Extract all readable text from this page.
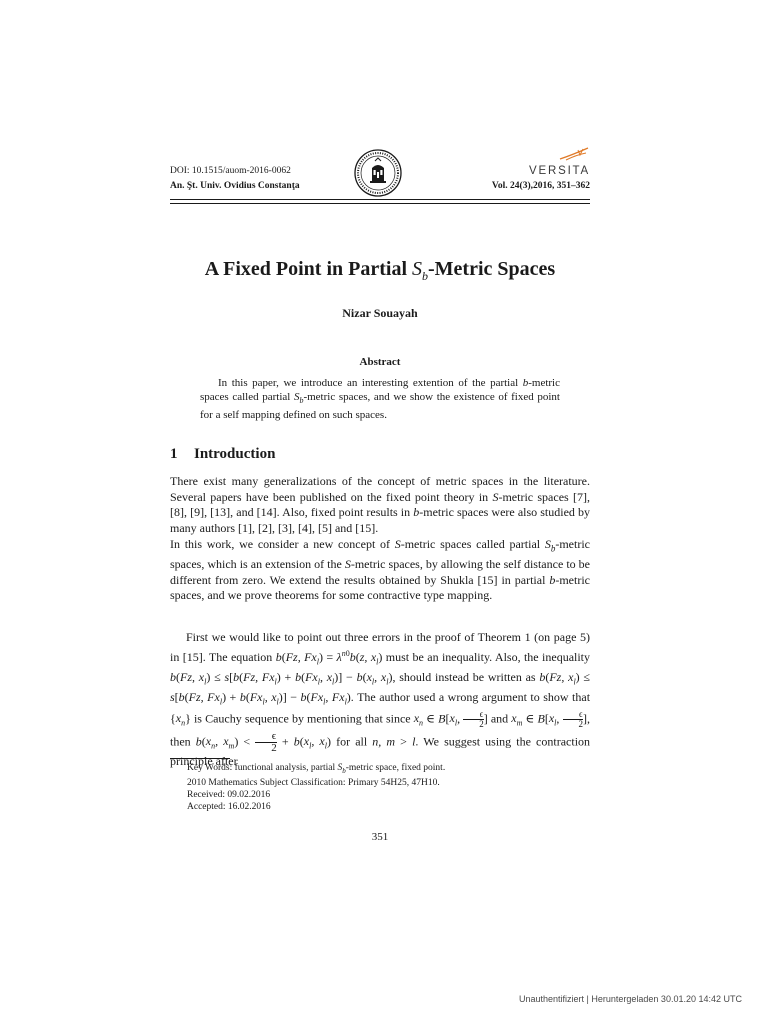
DOI: 10.1515/auom-2016-0062
An. Şt. Univ. Ovidius Constanţa
VERSITA
Vol. 24(3),2016, 351–362
A Fixed Point in Partial $S_b$-Metric Spaces
Nizar Souayah
Abstract
In this paper, we introduce an interesting extention of the partial b-metric spaces called partial $S_b$-metric spaces, and we show the existence of fixed point for a self mapping defined on such spaces.
1 Introduction
There exist many generalizations of the concept of metric spaces in the literature. Several papers have been published on the fixed point theory in S-metric spaces [7], [8], [9], [13], and [14]. Also, fixed point results in b-metric spaces were also studied by many authors [1], [2], [3], [4], [5] and [15].
In this work, we consider a new concept of S-metric spaces called partial $S_b$-metric spaces, which is an extension of the S-metric spaces, by allowing the self distance to be different from zero. We extend the results obtained by Shukla [15] in partial b-metric spaces, and we prove theorems for some contractive type mapping.
First we would like to point out three errors in the proof of Theorem 1 (on page 5) in [15]. The equation b(Fz, $Fx_l) = \lambda^{n0}b(z$, $x_l$) must be an inequality. Also, the inequality b(Fz, $x_l) \le s[b(Fz$, $Fx_l) + b(Fx_l$, $x_l)] - b(x_l$, $x_l$), should instead be written as b(Fz, $x_l) \le s[b(Fz$, $Fx_l) + b(Fx_l$, $x_l)] - b(Fx_l$, $Fx_l$). The author used a wrong argument to show that $\{x_n\}$ is Cauchy sequence by mentioning that since $x_n$ ∈ $B[x_l$, $\frac{\epsilon}{2}$ ] and $x_m$ ∈ $B[x_l$, $\frac{\epsilon}{2}$ ], then $b(x_n$, $x_m) < \frac{\epsilon}{2} + b(x_l$, $x_l$) for all n, m > l. We suggest using the contraction principle after
Key Words: functional analysis, partial $S_b$-metric space, fixed point.
2010 Mathematics Subject Classification: Primary 54H25, 47H10.
Received: 09.02.2016
Accepted: 16.02.2016
351
Unauthentifiziert | Heruntergeladen 30.01.20 14:42 UTC
